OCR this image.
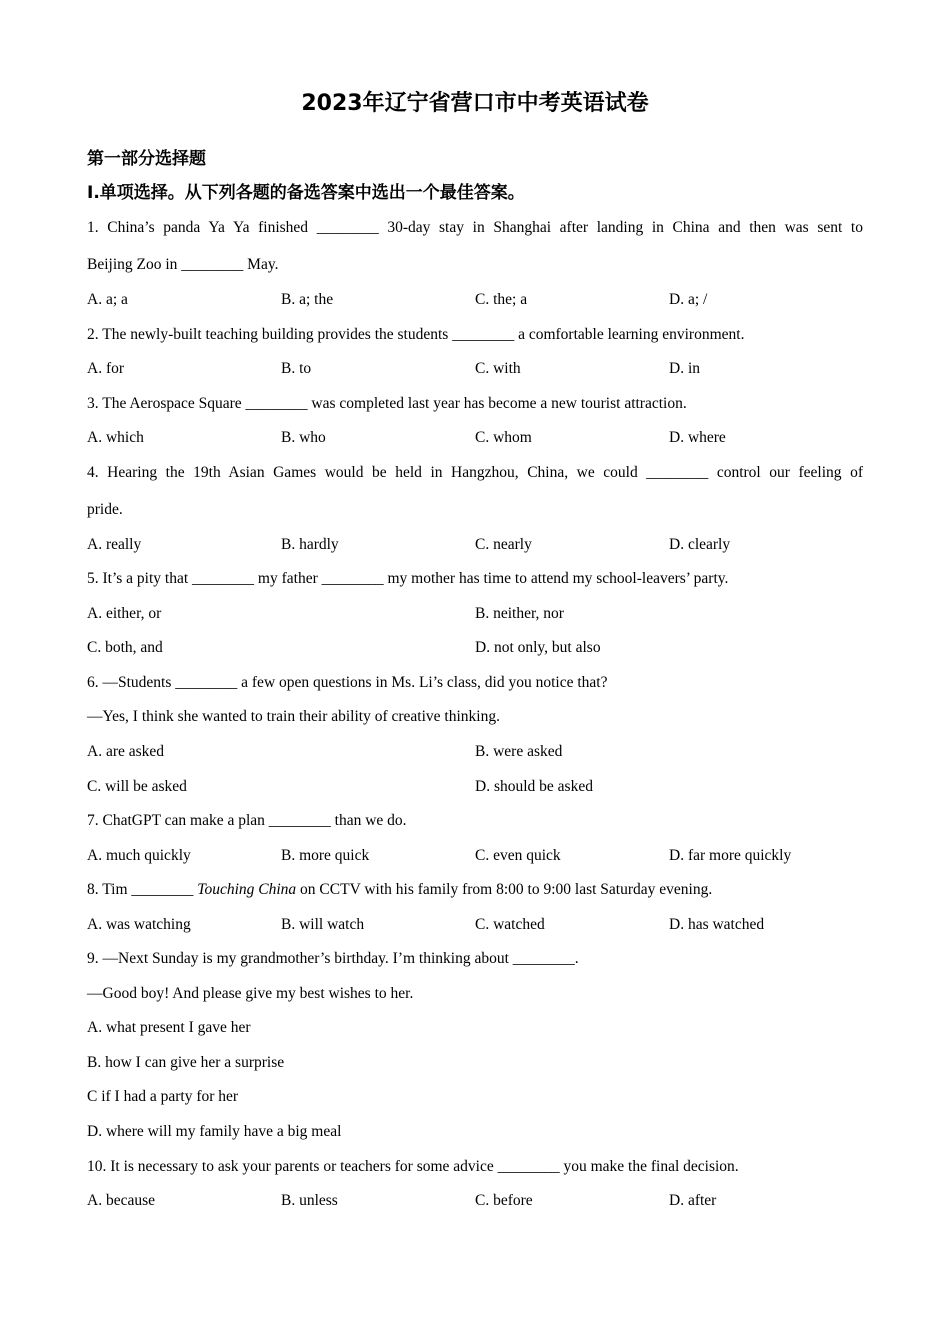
2023年辽宁省营口市中考英语试卷
第一部分选择题
Ⅰ.单项选择。从下列各题的备选答案中选出一个最佳答案。
1. China’s panda Ya Ya finished ________ 30-day stay in Shanghai after landing in China and then was sent to
Beijing Zoo in ________ May.
A. a; a	B. a; the	C. the; a	D. a; /
2. The newly-built teaching building provides the students ________ a comfortable learning environment.
A. for	B. to	C. with	D. in
3. The Aerospace Square ________ was completed last year has become a new tourist attraction.
A. which	B. who	C. whom	D. where
4. Hearing the 19th Asian Games would be held in Hangzhou, China, we could ________ control our feeling of
pride.
A. really	B. hardly	C. nearly	D. clearly
5. It’s a pity that ________ my father ________ my mother has time to attend my school-leavers’ party.
A. either, or	B. neither, nor
C. both, and	D. not only, but also
6. —Students ________ a few open questions in Ms. Li’s class, did you notice that?
—Yes, I think she wanted to train their ability of creative thinking.
A. are asked	B. were asked
C. will be asked	D. should be asked
7. ChatGPT can make a plan ________ than we do.
A. much quickly	B. more quick	C. even quick	D. far more quickly
8. Tim ________ Touching China on CCTV with his family from 8:00 to 9:00 last Saturday evening.
A. was watching	B. will watch	C. watched	D. has watched
9. —Next Sunday is my grandmother’s birthday. I’m thinking about ________.
—Good boy! And please give my best wishes to her.
A. what present I gave her
B. how I can give her a surprise
C if I had a party for her
D. where will my family have a big meal
10. It is necessary to ask your parents or teachers for some advice ________ you make the final decision.
A. because	B. unless	C. before	D. after
